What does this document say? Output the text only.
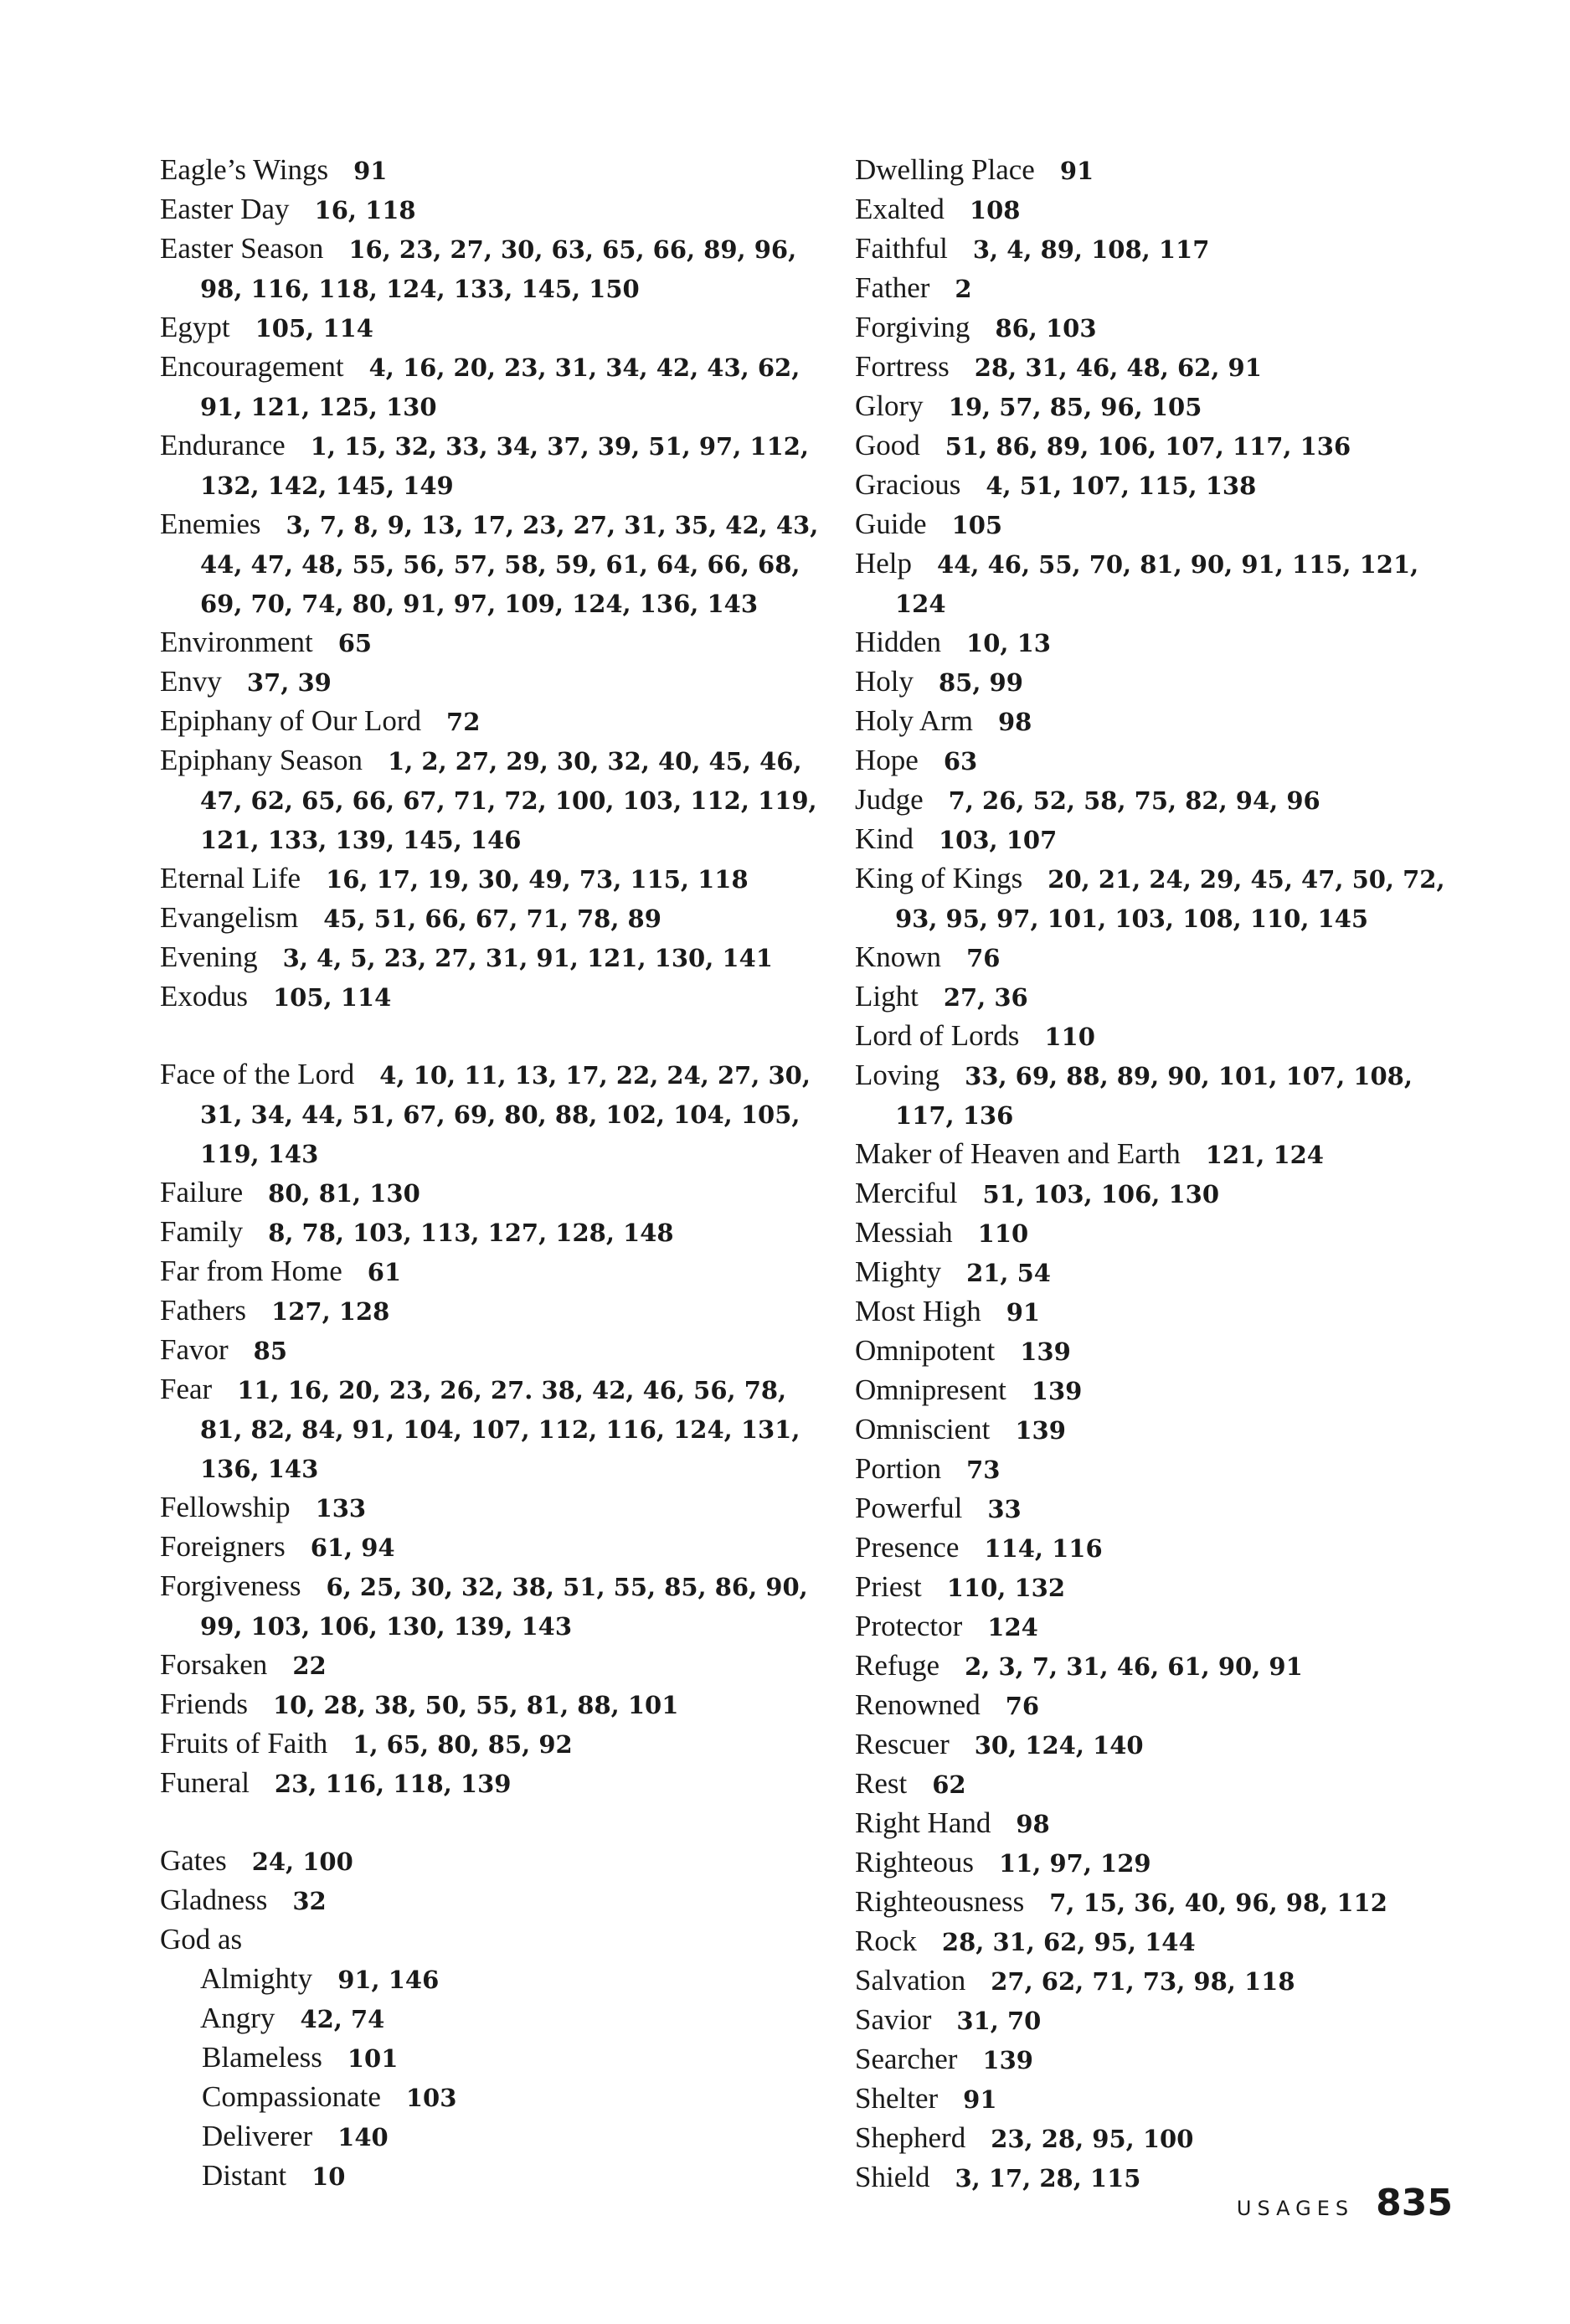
Eagle’s Wings 91
Easter Day 16, 118
Easter Season 16, 23, 27, 30, 63, 65, 66, 89, 96, 98, 116, 118, 124, 133, 145, 150
Egypt 105, 114
Encouragement 4, 16, 20, 23, 31, 34, 42, 43, 62, 91, 121, 125, 130
Endurance 1, 15, 32, 33, 34, 37, 39, 51, 97, 112, 132, 142, 145, 149
Enemies 3, 7, 8, 9, 13, 17, 23, 27, 31, 35, 42, 43, 44, 47, 48, 55, 56, 57, 58, 59, 61, 64, 66, 68, 69, 70, 74, 80, 91, 97, 109, 124, 136, 143
Environment 65
Envy 37, 39
Epiphany of Our Lord 72
Epiphany Season 1, 2, 27, 29, 30, 32, 40, 45, 46, 47, 62, 65, 66, 67, 71, 72, 100, 103, 112, 119, 121, 133, 139, 145, 146
Eternal Life 16, 17, 19, 30, 49, 73, 115, 118
Evangelism 45, 51, 66, 67, 71, 78, 89
Evening 3, 4, 5, 23, 27, 31, 91, 121, 130, 141
Exodus 105, 114
Face of the Lord 4, 10, 11, 13, 17, 22, 24, 27, 30, 31, 34, 44, 51, 67, 69, 80, 88, 102, 104, 105, 119, 143
Failure 80, 81, 130
Family 8, 78, 103, 113, 127, 128, 148
Far from Home 61
Fathers 127, 128
Favor 85
Fear 11, 16, 20, 23, 26, 27. 38, 42, 46, 56, 78, 81, 82, 84, 91, 104, 107, 112, 116, 124, 131, 136, 143
Fellowship 133
Foreigners 61, 94
Forgiveness 6, 25, 30, 32, 38, 51, 55, 85, 86, 90, 99, 103, 106, 130, 139, 143
Forsaken 22
Friends 10, 28, 38, 50, 55, 81, 88, 101
Fruits of Faith 1, 65, 80, 85, 92
Funeral 23, 116, 118, 139
Gates 24, 100
Gladness 32
God as
Almighty 91, 146
Angry 42, 74
Blameless 101
Compassionate 103
Deliverer 140
Distant 10
Dwelling Place 91
Exalted 108
Faithful 3, 4, 89, 108, 117
Father 2
Forgiving 86, 103
Fortress 28, 31, 46, 48, 62, 91
Glory 19, 57, 85, 96, 105
Good 51, 86, 89, 106, 107, 117, 136
Gracious 4, 51, 107, 115, 138
Guide 105
Help 44, 46, 55, 70, 81, 90, 91, 115, 121, 124
Hidden 10, 13
Holy 85, 99
Holy Arm 98
Hope 63
Judge 7, 26, 52, 58, 75, 82, 94, 96
Kind 103, 107
King of Kings 20, 21, 24, 29, 45, 47, 50, 72, 93, 95, 97, 101, 103, 108, 110, 145
Known 76
Light 27, 36
Lord of Lords 110
Loving 33, 69, 88, 89, 90, 101, 107, 108, 117, 136
Maker of Heaven and Earth 121, 124
Merciful 51, 103, 106, 130
Messiah 110
Mighty 21, 54
Most High 91
Omnipotent 139
Omnipresent 139
Omniscient 139
Portion 73
Powerful 33
Presence 114, 116
Priest 110, 132
Protector 124
Refuge 2, 3, 7, 31, 46, 61, 90, 91
Renowned 76
Rescuer 30, 124, 140
Rest 62
Right Hand 98
Righteous 11, 97, 129
Righteousness 7, 15, 36, 40, 96, 98, 112
Rock 28, 31, 62, 95, 144
Salvation 27, 62, 71, 73, 98, 118
Savior 31, 70
Searcher 139
Shelter 91
Shepherd 23, 28, 95, 100
Shield 3, 17, 28, 115
USAGES 835
